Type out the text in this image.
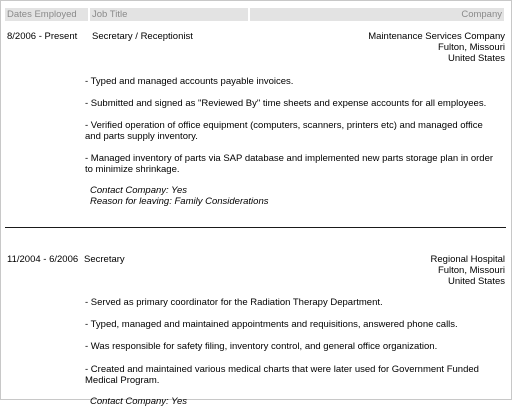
Dates Employed	Job Title	Company
8/2006 - Present Secretary / Receptionist	Maintenance Services Company
Fulton, Missouri
United States
- Typed and managed accounts payable invoices.
- Submitted and signed as "Reviewed By" time sheets and expense accounts for all employees.
- Verified operation of office equipment (computers, scanners, printers etc) and managed office and parts supply inventory.
- Managed inventory of parts via SAP database and implemented new parts storage plan in order to minimize shrinkage.
Contact Company: Yes
Reason for leaving: Family Considerations
11/2004 - 6/2006 Secretary	Regional Hospital
Fulton, Missouri
United States
- Served as primary coordinator for the Radiation Therapy Department.
- Typed, managed and maintained appointments and requisitions, answered phone calls.
- Was responsible for safety filing, inventory control, and general office organization.
- Created and maintained various medical charts that were later used for Government Funded Medical Program.
Contact Company: Yes
